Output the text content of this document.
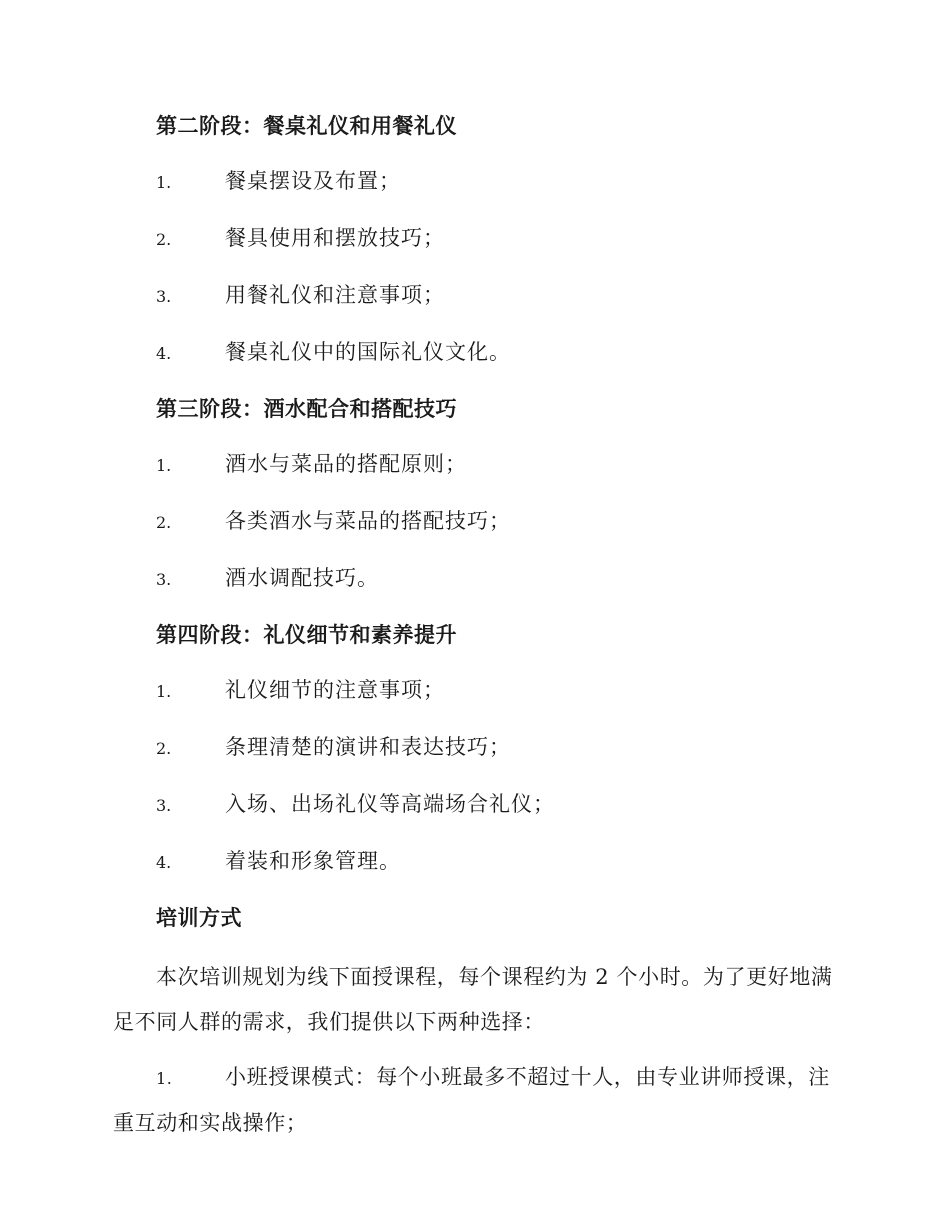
第二阶段：餐桌礼仪和用餐礼仪
1.	餐桌摆设及布置；
2.	餐具使用和摆放技巧；
3.	用餐礼仪和注意事项；
4.	餐桌礼仪中的国际礼仪文化。
第三阶段：酒水配合和搭配技巧
1.	酒水与菜品的搭配原则；
2.	各类酒水与菜品的搭配技巧；
3.	酒水调配技巧。
第四阶段：礼仪细节和素养提升
1.	礼仪细节的注意事项；
2.	条理清楚的演讲和表达技巧；
3.	入场、出场礼仪等高端场合礼仪；
4.	着装和形象管理。
培训方式

本次培训规划为线下面授课程，每个课程约为 2 个小时。为了更好地满足不同人群的需求，我们提供以下两种选择：

1.	小班授课模式：每个小班最多不超过十人，由专业讲师授课，注重互动和实战操作；
